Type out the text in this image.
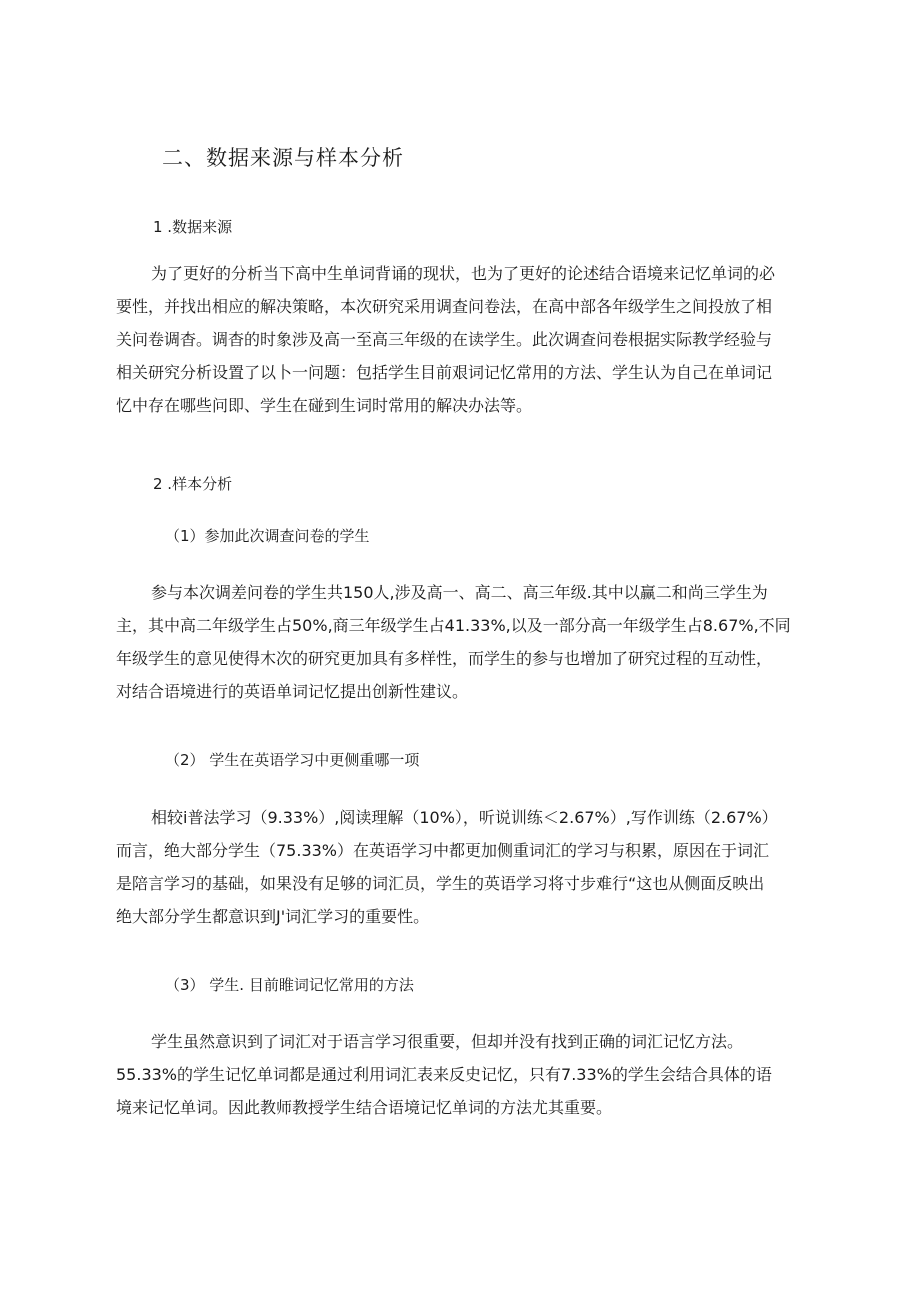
二、数据来源与样本分析
1 .数据来源
为了更好的分析当下高中生单词背诵的现状，也为了更好的论述结合语境来记忆单词的必
要性，并找出相应的解决策略，本次研究采用调查问卷法，在高中部各年级学生之间投放了相
关问卷调杳。调杳的时象涉及高一至高三年级的在读学生。此次调查问卷根据实际教学经验与
相关研究分析设置了以卜一问题：包括学生目前艰词记忆常用的方法、学生认为自己在单词记
忆中存在哪些问即、学生在碰到生词时常用的解决办法等。
2 .样本分析
（1）参加此次调查问卷的学生
参与本次调差问卷的学生共150人,涉及高一、高二、高三年级.其中以赢二和尚三学生为
主，其中高二年级学生占50%,商三年级学生占41.33%,以及一部分高一年级学生占8.67%,不同
年级学生的意见使得木次的研究更加具有多样性，而学生的参与也增加了研究过程的互动性，
对结合语境进行的英语单词记忆提出创新性建议。
（2） 学生在英语学习中更侧重哪一项
相较i普法学习（9.33%）,阅读理解（10%），听说训练＜2.67%）,写作训练（2.67%）
而言，绝大部分学生（75.33%）在英语学习中都更加侧重词汇的学习与积累，原因在于词汇
是陪言学习的基础，如果没有足够的词汇员，学生的英语学习将寸步难行“这也从侧面反映出
绝大部分学生都意识到J'词汇学习的重要性。
（3） 学生. 目前睢词记忆常用的方法
学生虽然意识到了词汇对于语言学习很重要，但却并没有找到正确的词汇记忆方法。
55.33%的学生记忆单词都是通过利用词汇表来反史记忆，只有7.33%的学生会结合具体的语
境来记忆单词。因此教师教授学生结合语境记忆单词的方法尤其重要。
